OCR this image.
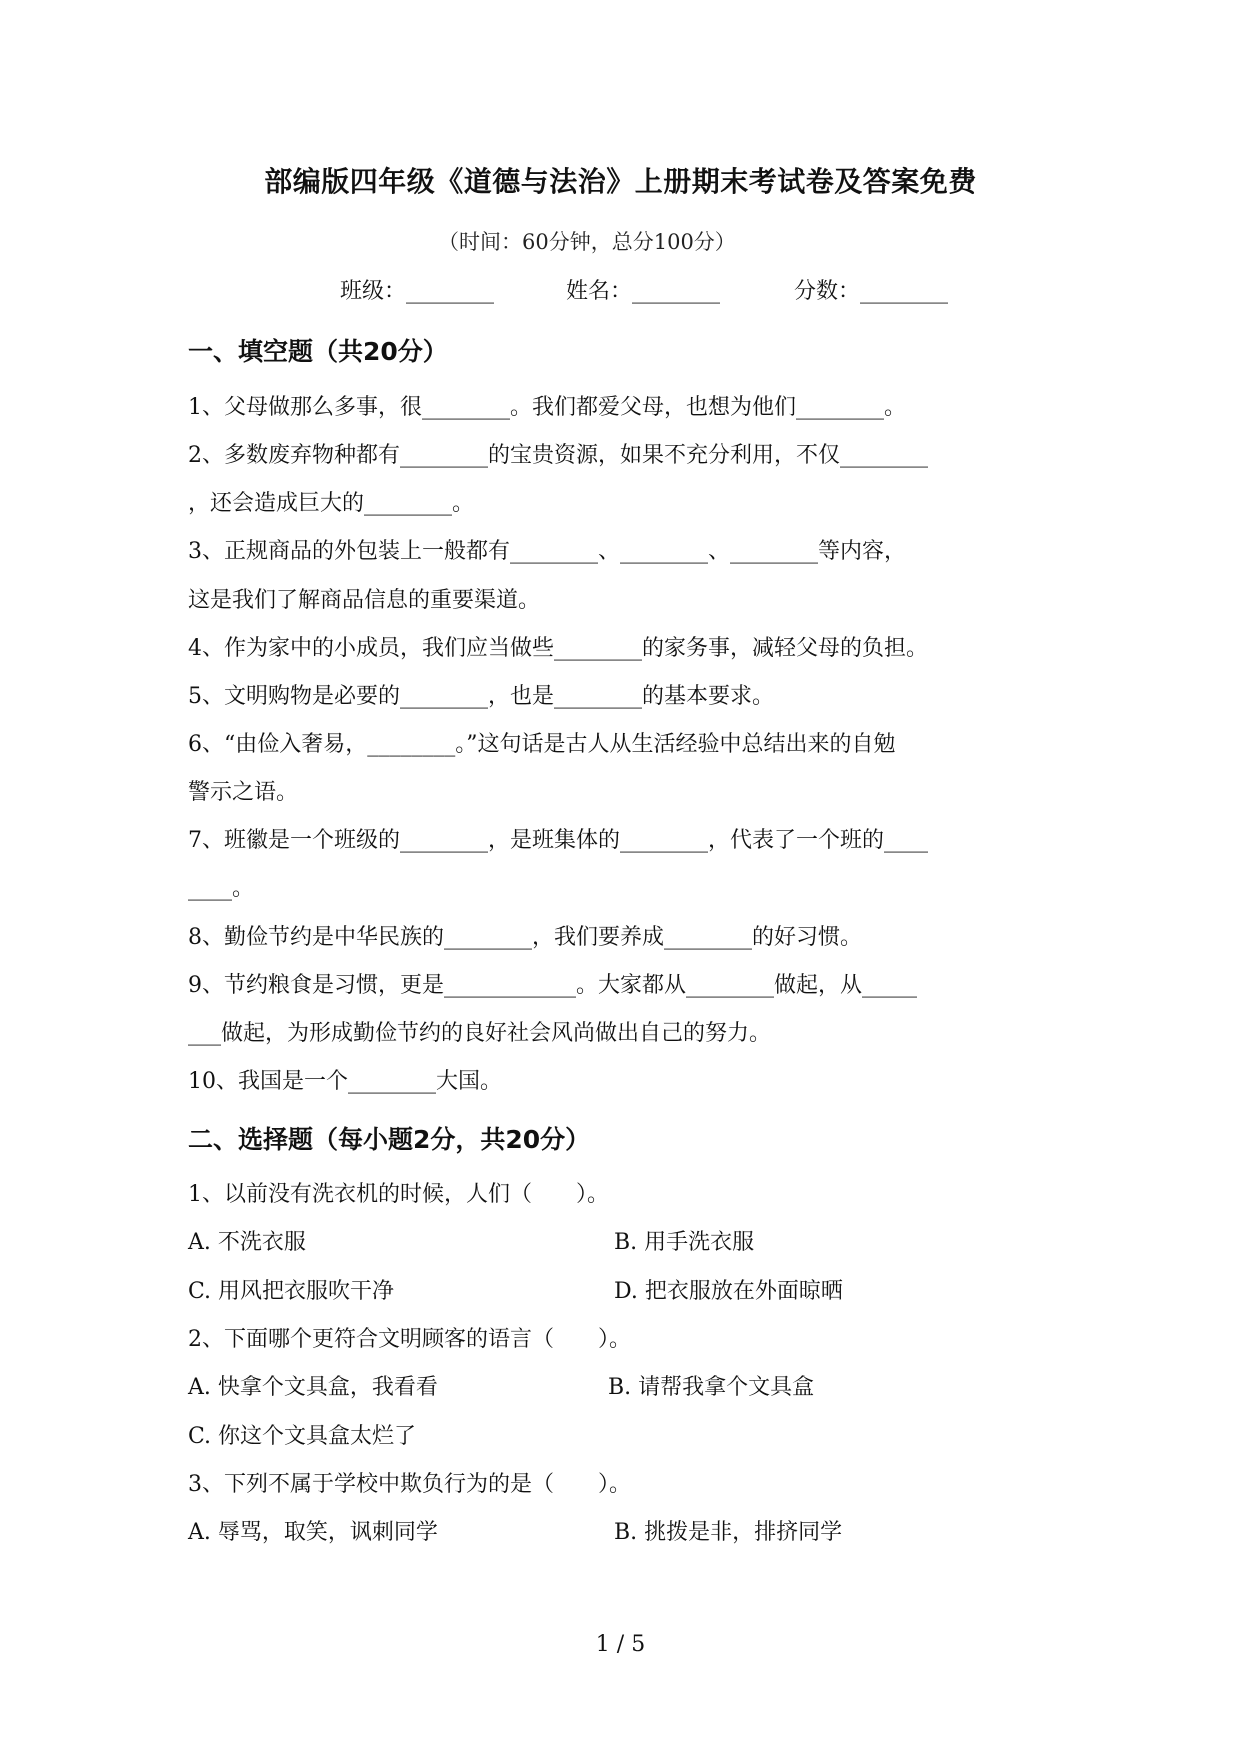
部编版四年级《道德与法治》上册期末考试卷及答案免费
（时间：60分钟，总分100分）
班级：________	姓名：________	分数：________
一、填空题（共20分）
1、父母做那么多事，很________。我们都爱父母，也想为他们________。
2、多数废弃物种都有________的宝贵资源，如果不充分利用，不仅________
，还会造成巨大的________。
3、正规商品的外包装上一般都有________、________、________等内容，
这是我们了解商品信息的重要渠道。
4、作为家中的小成员，我们应当做些________的家务事，减轻父母的负担。
5、文明购物是必要的________，也是________的基本要求。
6、“由俭入奢易，________。”这句话是古人从生活经验中总结出来的自勉
警示之语。
7、班徽是一个班级的________，是班集体的________，代表了一个班的____
____。
8、勤俭节约是中华民族的________，我们要养成________的好习惯。
9、节约粮食是习惯，更是____________。大家都从________做起，从_____
___做起，为形成勤俭节约的良好社会风尚做出自己的努力。
10、我国是一个________大国。
二、选择题（每小题2分，共20分）
1、以前没有洗衣机的时候，人们（　　）。
A. 不洗衣服	B. 用手洗衣服
C. 用风把衣服吹干净	D. 把衣服放在外面晾晒
2、下面哪个更符合文明顾客的语言（　　）。
A. 快拿个文具盒，我看看	B. 请帮我拿个文具盒
C. 你这个文具盒太烂了
3、下列不属于学校中欺负行为的是（　　）。
A. 辱骂，取笑，讽刺同学	B. 挑拨是非，排挤同学
1 / 5
